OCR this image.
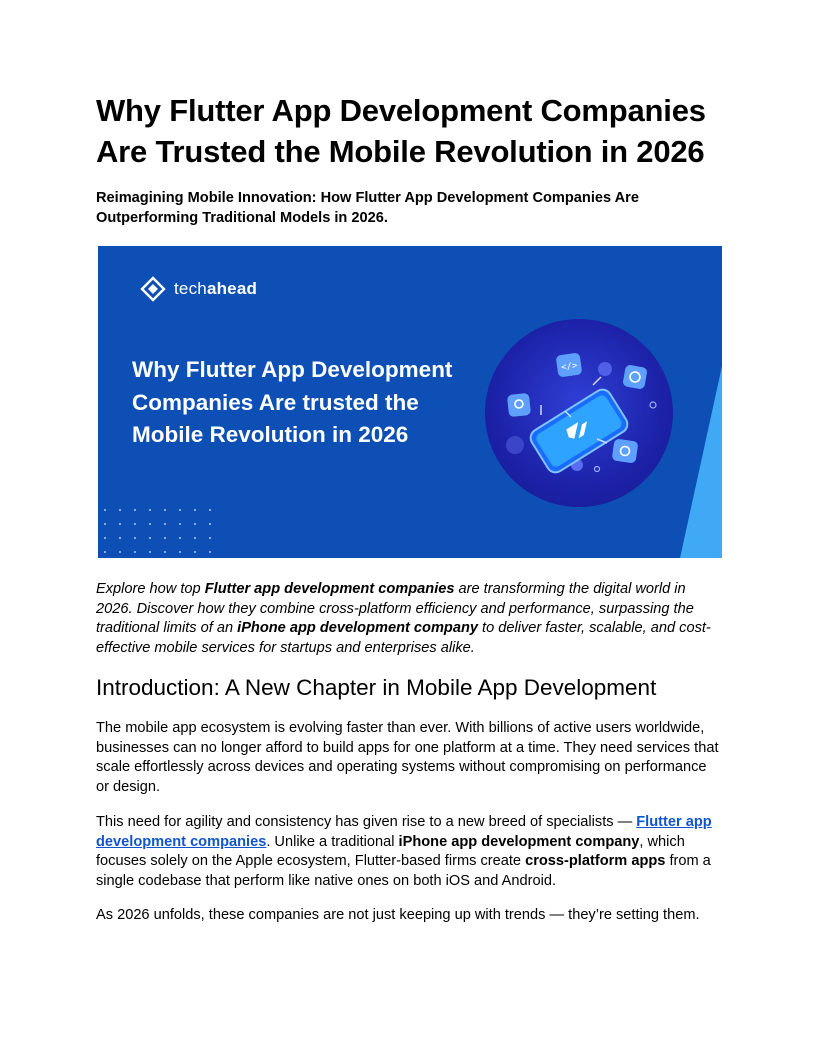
Why Flutter App Development Companies Are Trusted the Mobile Revolution in 2026

Reimagining Mobile Innovation: How Flutter App Development Companies Are Outperforming Traditional Models in 2026.

techahead

Why Flutter App Development Companies Are trusted the Mobile Revolution in 2026

</>

Explore how top Flutter app development companies are transforming the digital world in 2026. Discover how they combine cross-platform efficiency and performance, surpassing the traditional limits of an iPhone app development company to deliver faster, scalable, and cost-effective mobile services for startups and enterprises alike.

Introduction: A New Chapter in Mobile App Development

The mobile app ecosystem is evolving faster than ever. With billions of active users worldwide, businesses can no longer afford to build apps for one platform at a time. They need services that scale effortlessly across devices and operating systems without compromising on performance or design.

This need for agility and consistency has given rise to a new breed of specialists — Flutter app development companies. Unlike a traditional iPhone app development company, which focuses solely on the Apple ecosystem, Flutter-based firms create cross-platform apps from a single codebase that perform like native ones on both iOS and Android.

As 2026 unfolds, these companies are not just keeping up with trends — they’re setting them.
